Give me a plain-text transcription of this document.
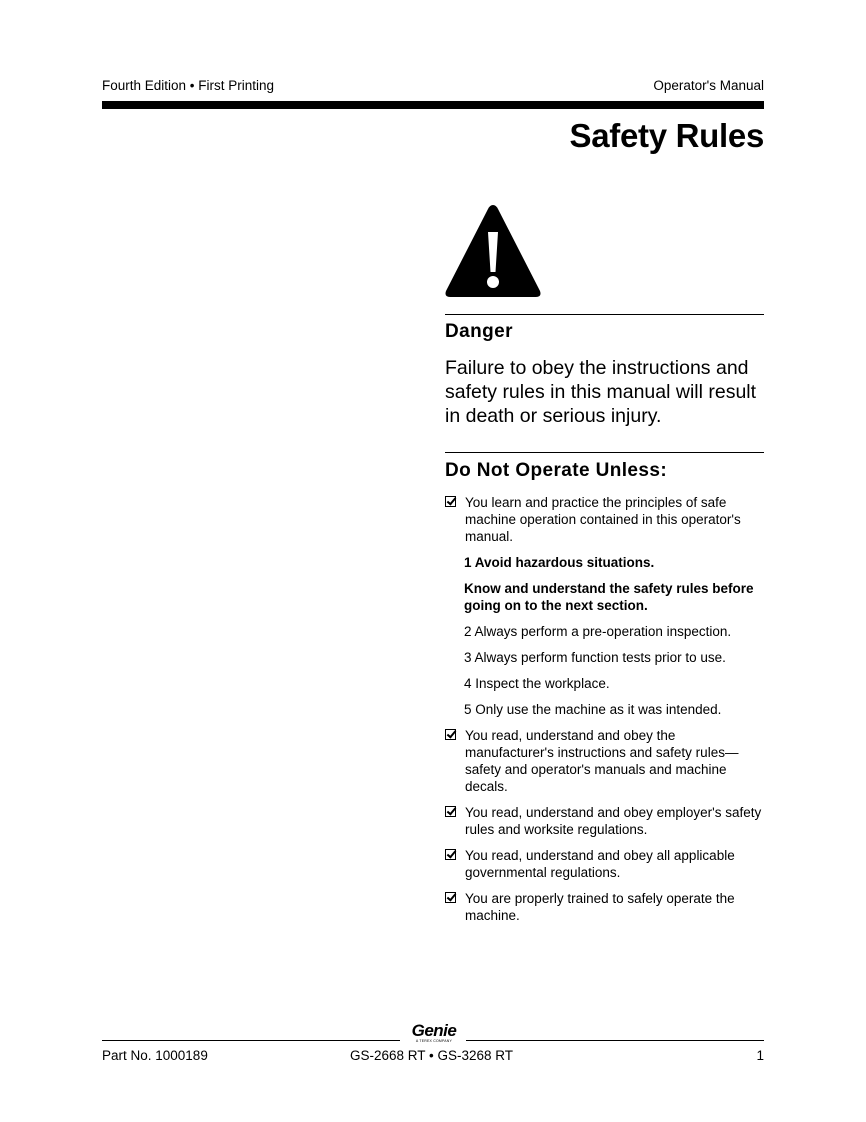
Fourth Edition • First Printing	Operator's Manual
Safety Rules
Danger
Failure to obey the instructions and safety rules in this manual will result in death or serious injury.
Do Not Operate Unless:
You learn and practice the principles of safe machine operation contained in this operator's manual.
1 Avoid hazardous situations.
Know and understand the safety rules before going on to the next section.
2 Always perform a pre-operation inspection.
3 Always perform function tests prior to use.
4 Inspect the workplace.
5 Only use the machine as it was intended.
You read, understand and obey the manufacturer's instructions and safety rules—safety and operator's manuals and machine decals.
You read, understand and obey employer's safety rules and worksite regulations.
You read, understand and obey all applicable governmental regulations.
You are properly trained to safely operate the machine.
Genie
A TEREX COMPANY
Part No. 1000189	GS-2668 RT • GS-3268 RT	1
